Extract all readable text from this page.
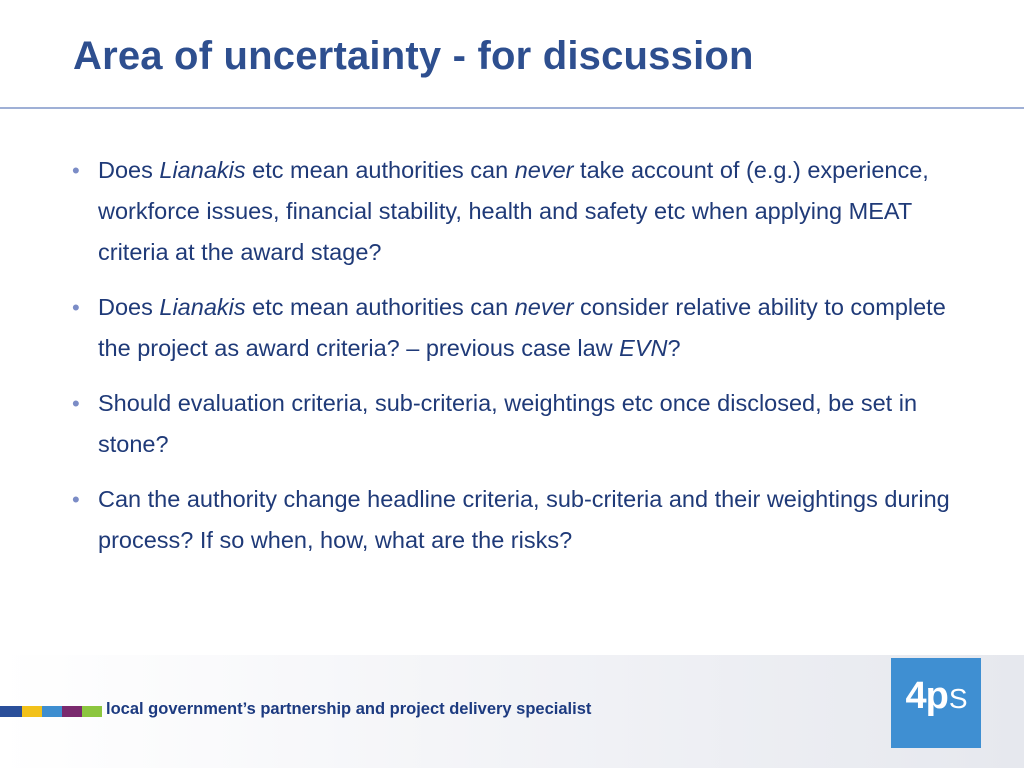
Area of uncertainty - for discussion
• Does Lianakis etc mean authorities can never take account of (e.g.) experience, workforce issues, financial stability, health and safety etc when applying MEAT criteria at the award stage?
• Does Lianakis etc mean authorities can never consider relative ability to complete the project as award criteria? – previous case law EVN?
• Should evaluation criteria, sub-criteria, weightings etc once disclosed, be set in stone?
• Can the authority change headline criteria, sub-criteria and their weightings during process? If so when, how, what are the risks?
local government’s partnership and project delivery specialist	4pS
